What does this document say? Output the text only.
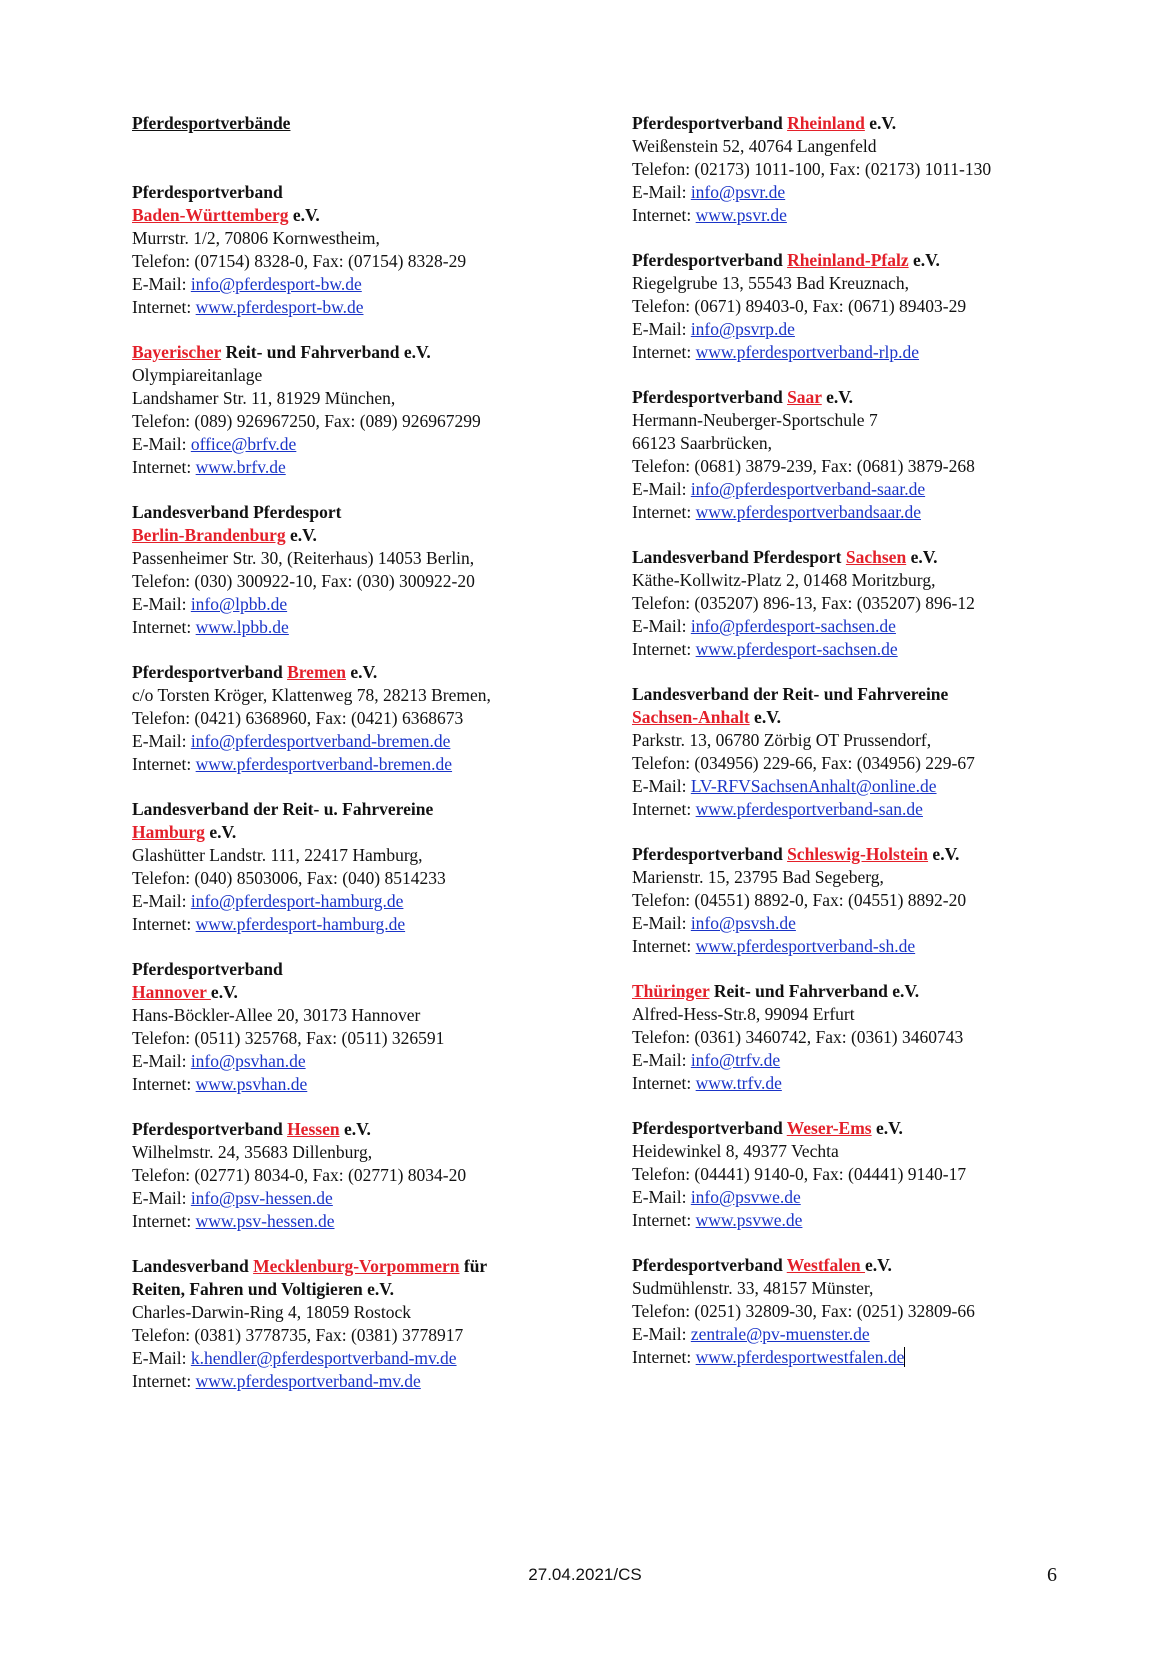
Pferdesportverbände

Pferdesportverband
Baden-Württemberg e.V.
Murrstr. 1/2, 70806 Kornwestheim,
Telefon: (07154) 8328-0, Fax: (07154) 8328-29
E-Mail: info@pferdesport-bw.de
Internet: www.pferdesport-bw.de
Bayerischer Reit- und Fahrverband e.V.
Olympiareitanlage
Landshamer Str. 11, 81929 München,
Telefon: (089) 926967250, Fax: (089) 926967299
E-Mail: office@brfv.de
Internet: www.brfv.de
Landesverband Pferdesport
Berlin-Brandenburg e.V.
Passenheimer Str. 30, (Reiterhaus) 14053 Berlin,
Telefon: (030) 300922-10, Fax: (030) 300922-20
E-Mail: info@lpbb.de
Internet: www.lpbb.de
Pferdesportverband Bremen e.V.
c/o Torsten Kröger, Klattenweg 78, 28213 Bremen,
Telefon: (0421) 6368960, Fax: (0421) 6368673
E-Mail: info@pferdesportverband-bremen.de
Internet: www.pferdesportverband-bremen.de
Landesverband der Reit- u. Fahrvereine
Hamburg e.V.
Glashütter Landstr. 111, 22417 Hamburg,
Telefon: (040) 8503006, Fax: (040) 8514233
E-Mail: info@pferdesport-hamburg.de
Internet: www.pferdesport-hamburg.de
Pferdesportverband
Hannover e.V.
Hans-Böckler-Allee 20, 30173 Hannover
Telefon: (0511) 325768, Fax: (0511) 326591
E-Mail: info@psvhan.de
Internet: www.psvhan.de
Pferdesportverband Hessen e.V.
Wilhelmstr. 24, 35683 Dillenburg,
Telefon: (02771) 8034-0, Fax: (02771) 8034-20
E-Mail: info@psv-hessen.de
Internet: www.psv-hessen.de
Landesverband Mecklenburg-Vorpommern für
Reiten, Fahren und Voltigieren e.V.
Charles-Darwin-Ring 4, 18059 Rostock
Telefon: (0381) 3778735, Fax: (0381) 3778917
E-Mail: k.hendler@pferdesportverband-mv.de
Internet: www.pferdesportverband-mv.de
Pferdesportverband Rheinland e.V.
Weißenstein 52, 40764 Langenfeld
Telefon: (02173) 1011-100, Fax: (02173) 1011-130
E-Mail: info@psvr.de
Internet: www.psvr.de
Pferdesportverband Rheinland-Pfalz e.V.
Riegelgrube 13, 55543 Bad Kreuznach,
Telefon: (0671) 89403-0, Fax: (0671) 89403-29
E-Mail: info@psvrp.de
Internet: www.pferdesportverband-rlp.de
Pferdesportverband Saar e.V.
Hermann-Neuberger-Sportschule 7
66123 Saarbrücken,
Telefon: (0681) 3879-239, Fax: (0681) 3879-268
E-Mail: info@pferdesportverband-saar.de
Internet: www.pferdesportverbandsaar.de
Landesverband Pferdesport Sachsen e.V.
Käthe-Kollwitz-Platz 2, 01468 Moritzburg,
Telefon: (035207) 896-13, Fax: (035207) 896-12
E-Mail: info@pferdesport-sachsen.de
Internet: www.pferdesport-sachsen.de
Landesverband der Reit- und Fahrvereine
Sachsen-Anhalt e.V.
Parkstr. 13, 06780 Zörbig OT Prussendorf,
Telefon: (034956) 229-66, Fax: (034956) 229-67
E-Mail: LV-RFVSachsenAnhalt@online.de
Internet: www.pferdesportverband-san.de
Pferdesportverband Schleswig-Holstein e.V.
Marienstr. 15, 23795 Bad Segeberg,
Telefon: (04551) 8892-0, Fax: (04551) 8892-20
E-Mail: info@psvsh.de
Internet: www.pferdesportverband-sh.de
Thüringer Reit- und Fahrverband e.V.
Alfred-Hess-Str.8, 99094 Erfurt
Telefon: (0361) 3460742, Fax: (0361) 3460743
E-Mail: info@trfv.de
Internet: www.trfv.de
Pferdesportverband Weser-Ems e.V.
Heidewinkel 8, 49377 Vechta
Telefon: (04441) 9140-0, Fax: (04441) 9140-17
E-Mail: info@psvwe.de
Internet: www.psvwe.de
Pferdesportverband Westfalen e.V.
Sudmühlenstr. 33, 48157 Münster,
Telefon: (0251) 32809-30, Fax: (0251) 32809-66
E-Mail: zentrale@pv-muenster.de
Internet: www.pferdesportwestfalen.de
27.04.2021/CS	6
